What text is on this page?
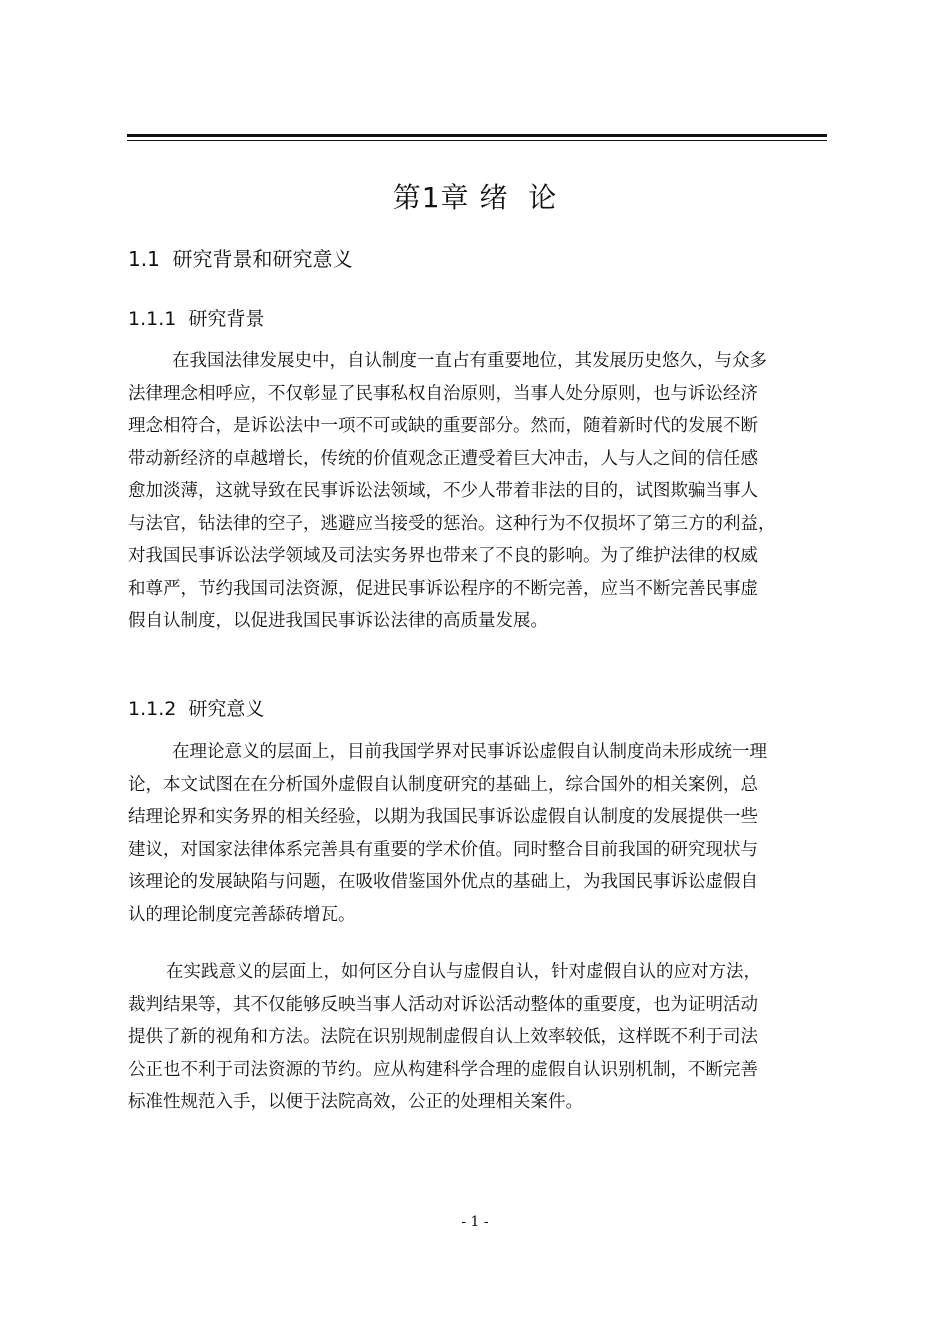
第1章 绪  论
1.1  研究背景和研究意义
1.1.1  研究背景
在我国法律发展史中，自认制度一直占有重要地位，其发展历史悠久，与众多
法律理念相呼应，不仅彰显了民事私权自治原则，当事人处分原则，也与诉讼经济
理念相符合，是诉讼法中一项不可或缺的重要部分。然而，随着新时代的发展不断
带动新经济的卓越增长，传统的价值观念正遭受着巨大冲击，人与人之间的信任感
愈加淡薄，这就导致在民事诉讼法领域，不少人带着非法的目的，试图欺骗当事人
与法官，钻法律的空子，逃避应当接受的惩治。这种行为不仅损坏了第三方的利益，
对我国民事诉讼法学领域及司法实务界也带来了不良的影响。为了维护法律的权威
和尊严，节约我国司法资源，促进民事诉讼程序的不断完善，应当不断完善民事虚
假自认制度，以促进我国民事诉讼法律的高质量发展。
1.1.2  研究意义
在理论意义的层面上，目前我国学界对民事诉讼虚假自认制度尚未形成统一理
论，本文试图在在分析国外虚假自认制度研究的基础上，综合国外的相关案例，总
结理论界和实务界的相关经验，以期为我国民事诉讼虚假自认制度的发展提供一些
建议，对国家法律体系完善具有重要的学术价值。同时整合目前我国的研究现状与
该理论的发展缺陷与问题，在吸收借鉴国外优点的基础上，为我国民事诉讼虚假自
认的理论制度完善舔砖增瓦。
在实践意义的层面上，如何区分自认与虚假自认，针对虚假自认的应对方法，
裁判结果等，其不仅能够反映当事人活动对诉讼活动整体的重要度，也为证明活动
提供了新的视角和方法。法院在识别规制虚假自认上效率较低，这样既不利于司法
公正也不利于司法资源的节约。应从构建科学合理的虚假自认识别机制，不断完善
标准性规范入手，以便于法院高效，公正的处理相关案件。
- 1 -
